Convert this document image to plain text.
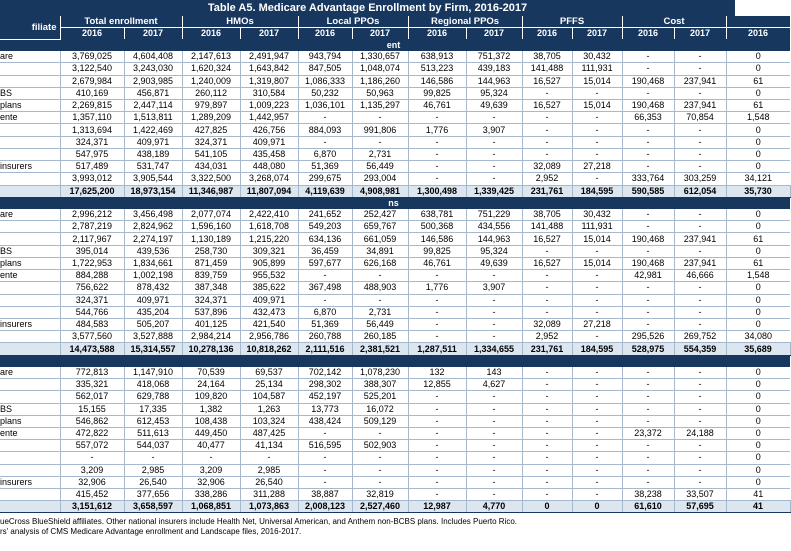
Table A5. Medicare Advantage Enrollment by Firm, 2016-2017
filiate	Total enrollment		HMOs		Local PPOs		Regional PPOs		PFFS		Cost		
	2016	2017	2016	2017	2016	2017	2016	2017	2016	2017	2016	2017	2016
ent													
are	3,769,025	4,604,408	2,147,613	2,491,947	943,794	1,330,657	638,913	751,372	38,705	30,432	-	-	0
	3,122,540	3,243,030	1,620,324	1,643,842	847,505	1,048,074	513,223	439,183	141,488	111,931	-	-	0
	2,679,984	2,903,985	1,240,009	1,319,807	1,086,333	1,186,260	146,586	144,963	16,527	15,014	190,468	237,941	61
BS	410,169	456,871	260,112	310,584	50,232	50,963	99,825	95,324	-	-	-	-	0
plans	2,269,815	2,447,114	979,897	1,009,223	1,036,101	1,135,297	46,761	49,639	16,527	15,014	190,468	237,941	61
ente	1,357,110	1,513,811	1,289,209	1,442,957	-	-	-	-	-	-	66,353	70,854	1,548
	1,313,694	1,422,469	427,825	426,756	884,093	991,806	1,776	3,907	-	-	-	-	0
	324,371	409,971	324,371	409,971	-	-	-	-	-	-	-	-	0
	547,975	438,189	541,105	435,458	6,870	2,731	-	-	-	-	-	-	0
insurers	517,489	531,747	434,031	448,080	51,369	56,449	-	-	32,089	27,218	-	-	0
	3,993,012	3,905,544	3,322,500	3,268,074	299,675	293,004	-	-	2,952	-	333,764	303,259	34,121
	17,625,200	18,973,154	11,346,987	11,807,094	4,119,639	4,908,981	1,300,498	1,339,425	231,761	184,595	590,585	612,054	35,730
ns													
are	2,996,212	3,456,498	2,077,074	2,422,410	241,652	252,427	638,781	751,229	38,705	30,432	-	-	0
	2,787,219	2,824,962	1,596,160	1,618,708	549,203	659,767	500,368	434,556	141,488	111,931	-	-	0
	2,117,967	2,274,197	1,130,189	1,215,220	634,136	661,059	146,586	144,963	16,527	15,014	190,468	237,941	61
BS	395,014	439,536	258,730	309,321	36,459	34,891	99,825	95,324	-	-	-	-	0
plans	1,722,953	1,834,661	871,459	905,899	597,677	626,168	46,761	49,639	16,527	15,014	190,468	237,941	61
ente	884,288	1,002,198	839,759	955,532	-	-	-	-	-	-	42,981	46,666	1,548
	756,622	878,432	387,348	385,622	367,498	488,903	1,776	3,907	-	-	-	-	0
	324,371	409,971	324,371	409,971	-	-	-	-	-	-	-	-	0
	544,766	435,204	537,896	432,473	6,870	2,731	-	-	-	-	-	-	0
insurers	484,583	505,207	401,125	421,540	51,369	56,449	-	-	32,089	27,218	-	-	0
	3,577,560	3,527,888	2,984,214	2,956,786	260,788	260,185	-	-	2,952	-	295,526	269,752	34,080
	14,473,588	15,314,557	10,278,136	10,818,262	2,111,516	2,381,521	1,287,511	1,334,655	231,761	184,595	528,975	554,359	35,689

are	772,813	1,147,910	70,539	69,537	702,142	1,078,230	132	143	-	-	-	-	0
	335,321	418,068	24,164	25,134	298,302	388,307	12,855	4,627	-	-	-	-	0
	562,017	629,788	109,820	104,587	452,197	525,201	-	-	-	-	-	-	0
BS	15,155	17,335	1,382	1,263	13,773	16,072	-	-	-	-	-	-	0
plans	546,862	612,453	108,438	103,324	438,424	509,129	-	-	-	-	-	-	0
ente	472,822	511,613	449,450	487,425	-	-	-	-	-	-	23,372	24,188	0
	557,072	544,037	40,477	41,134	516,595	502,903	-	-	-	-	-	-	0
	-	-	-	-	-	-	-	-	-	-	-	-	0
	3,209	2,985	3,209	2,985	-	-	-	-	-	-	-	-	0
insurers	32,906	26,540	32,906	26,540	-	-	-	-	-	-	-	-	0
	415,452	377,656	338,286	311,288	38,887	32,819	-	-	-	-	38,238	33,507	41
	3,151,612	3,658,597	1,068,851	1,073,863	2,008,123	2,527,460	12,987	4,770	0	0	61,610	57,695	41
ueCross BlueShield affiliates. Other national insurers include Health Net, Universal American, and Anthem non-BCBS plans. Includes Puerto Rico.
rs' analysis of CMS Medicare Advantage enrollment and Landscape files, 2016-2017.
